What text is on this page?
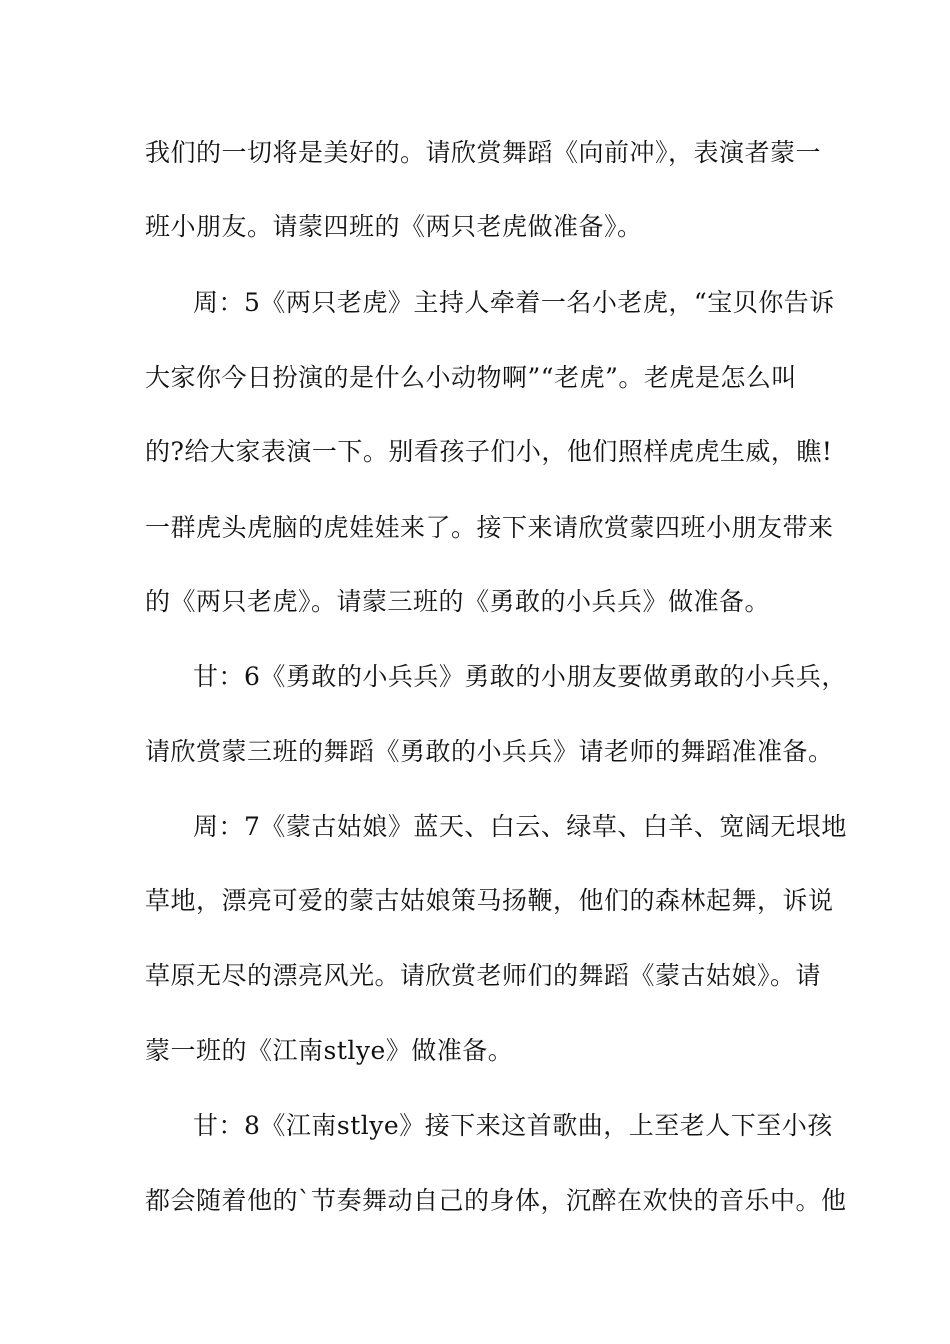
我们的一切将是美好的。请欣赏舞蹈《向前冲》，表演者蒙一
班小朋友。请蒙四班的《两只老虎做准备》。
周：5《两只老虎》主持人牵着一名小老虎，“宝贝你告诉
大家你今日扮演的是什么小动物啊”“老虎”。老虎是怎么叫
的?给大家表演一下。别看孩子们小，他们照样虎虎生威，瞧!
一群虎头虎脑的虎娃娃来了。接下来请欣赏蒙四班小朋友带来
的《两只老虎》。请蒙三班的《勇敢的小兵兵》做准备。
甘：6《勇敢的小兵兵》勇敢的小朋友要做勇敢的小兵兵，
请欣赏蒙三班的舞蹈《勇敢的小兵兵》请老师的舞蹈准准备。
周：7《蒙古姑娘》蓝天、白云、绿草、白羊、宽阔无垠地
草地，漂亮可爱的蒙古姑娘策马扬鞭，他们的森林起舞，诉说
草原无尽的漂亮风光。请欣赏老师们的舞蹈《蒙古姑娘》。请
蒙一班的《江南stlye》做准备。
甘：8《江南stlye》接下来这首歌曲，上至老人下至小孩
都会随着他的`节奏舞动自己的身体，沉醉在欢快的音乐中。他
